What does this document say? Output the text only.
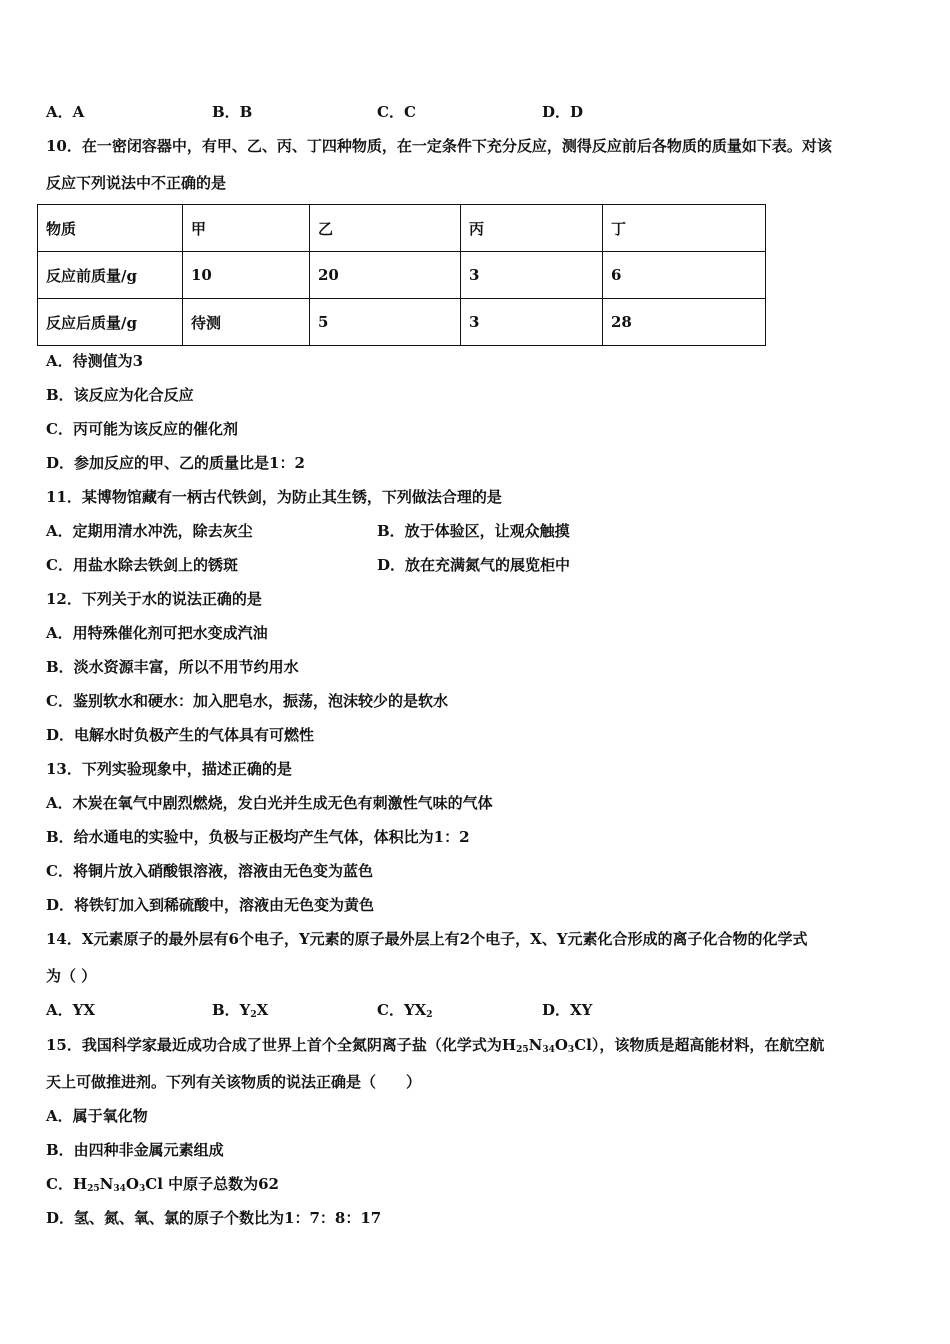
A．A	B．B	C．C	D．D
10．在一密闭容器中，有甲、乙、丙、丁四种物质，在一定条件下充分反应，测得反应前后各物质的质量如下表。对该
反应下列说法中不正确的是
物质	甲	乙	丙	丁
反应前质量/g	10	20	3	6
反应后质量/g	待测	5	3	28
A．待测值为3
B．该反应为化合反应
C．丙可能为该反应的催化剂
D．参加反应的甲、乙的质量比是1：2
11．某博物馆藏有一柄古代铁剑，为防止其生锈，下列做法合理的是
A．定期用清水冲洗，除去灰尘	B．放于体验区，让观众触摸
C．用盐水除去铁剑上的锈斑	D．放在充满氮气的展览柜中
12．下列关于水的说法正确的是
A．用特殊催化剂可把水变成汽油
B．淡水资源丰富，所以不用节约用水
C．鉴别软水和硬水：加入肥皂水，振荡，泡沫较少的是软水
D．电解水时负极产生的气体具有可燃性
13．下列实验现象中，描述正确的是
A．木炭在氧气中剧烈燃烧，发白光并生成无色有刺激性气味的气体
B．给水通电的实验中，负极与正极均产生气体，体积比为1：2
C．将铜片放入硝酸银溶液，溶液由无色变为蓝色
D．将铁钉加入到稀硫酸中，溶液由无色变为黄色
14．X元素原子的最外层有6个电子，Y元素的原子最外层上有2个电子，X、Y元素化合形成的离子化合物的化学式
为（ ）
A．YX	B．$Y_2X$	C．$YX_2$	D．XY
15．我国科学家最近成功合成了世界上首个全氮阴离子盐（化学式为$H_{25}N_{34}O_3Cl$），该物质是超高能材料，在航空航
天上可做推进剂。下列有关该物质的说法正确是（　　）
A．属于氧化物
B．由四种非金属元素组成
C．$H_{25}N_{34}O_3Cl$ 中原子总数为62
D．氢、氮、氧、氯的原子个数比为1：7：8：17
